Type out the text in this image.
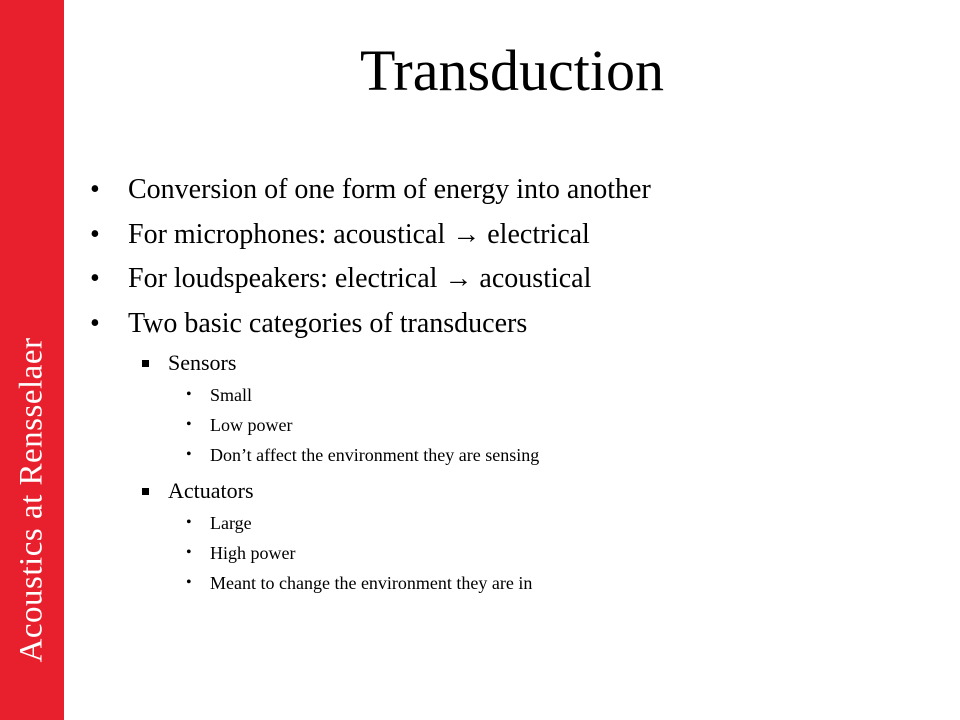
Acoustics at Rensselaer
Transduction
• Conversion of one form of energy into another
• For microphones: acoustical → electrical
• For loudspeakers: electrical → acoustical
• Two basic categories of transducers
Sensors
• Small
• Low power
• Don’t affect the environment they are sensing
Actuators
• Large
• High power
• Meant to change the environment they are in
